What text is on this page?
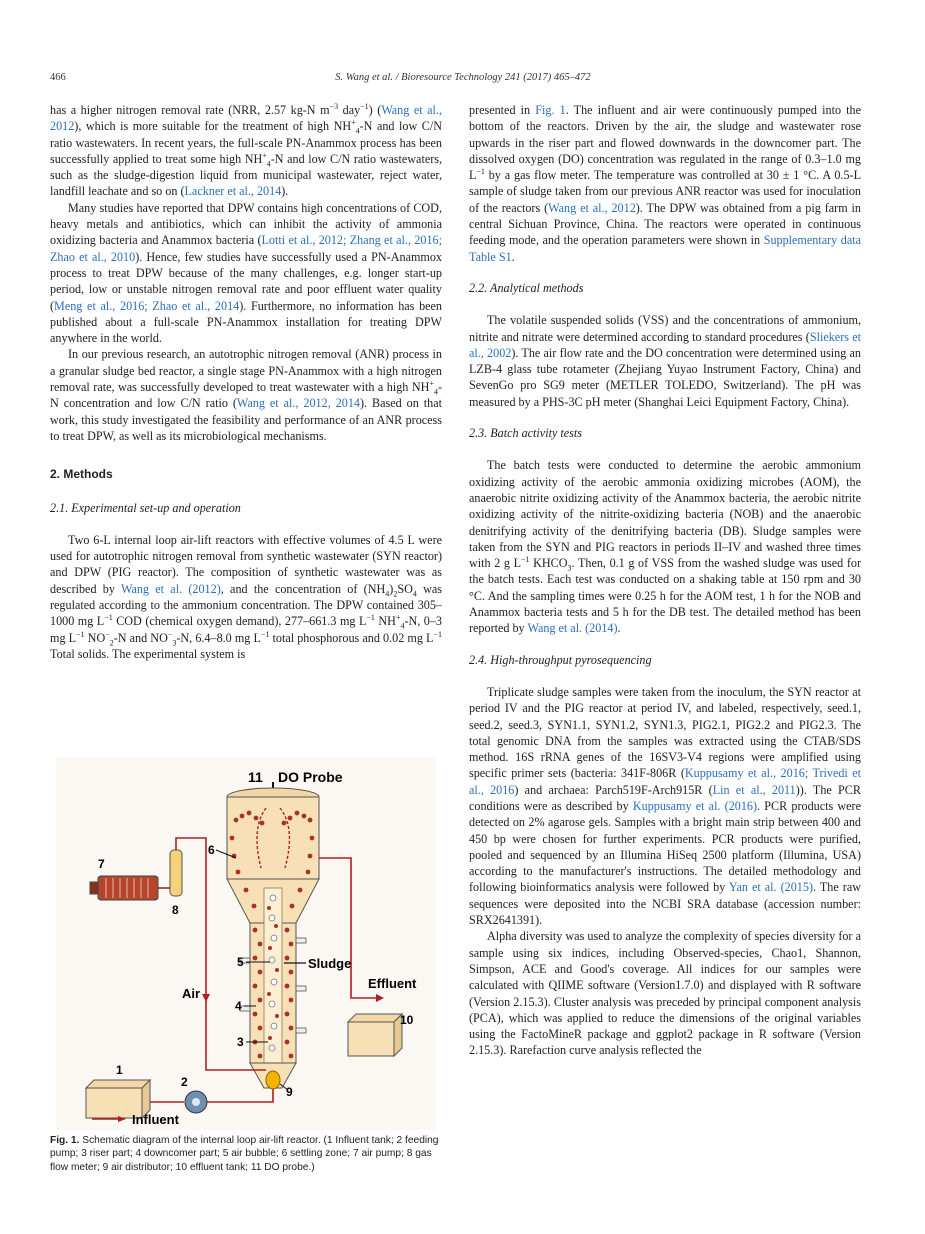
466	S. Wang et al. / Bioresource Technology 241 (2017) 465–472

has a higher nitrogen removal rate (NRR, 2.57 kg-N $m^{-3}$ day$^{-1}$) (Wang et al., 2012), which is more suitable for the treatment of high $NH^+_4-N$ and low C/N ratio wastewaters. In recent years, the full-scale PN-Anammox process has been successfully applied to treat some high $NH^+_4-N$ and low C/N ratio wastewaters, such as the sludge-digestion liquid from municipal wastewater, reject water, landfill leachate and so on (Lackner et al., 2014).

Many studies have reported that DPW contains high concentrations of COD, heavy metals and antibiotics, which can inhibit the activity of ammonia oxidizing bacteria and Anammox bacteria (Lotti et al., 2012; Zhang et al., 2016; Zhao et al., 2010). Hence, few studies have successfully used a PN-Anammox process to treat DPW because of the many challenges, e.g. longer start-up period, low or unstable nitrogen removal rate and poor effluent water quality (Meng et al., 2016; Zhao et al., 2014). Furthermore, no information has been published about a full-scale PN-Anammox installation for treating DPW anywhere in the world.

In our previous research, an autotrophic nitrogen removal (ANR) process in a granular sludge bed reactor, a single stage PN-Anammox with a high nitrogen removal rate, was successfully developed to treat wastewater with a high $NH^+_4-N$ concentration and low C/N ratio (Wang et al., 2012, 2014). Based on that work, this study investigated the feasibility and performance of an ANR process to treat DPW, as well as its microbiological mechanisms.

2. Methods
2.1. Experimental set-up and operation

Two 6-L internal loop air-lift reactors with effective volumes of 4.5 L were used for autotrophic nitrogen removal from synthetic wastewater (SYN reactor) and DPW (PIG reactor). The composition of synthetic wastewater was as described by Wang et al. (2012), and the concentration of $(NH_4)_2SO_4$ was regulated according to the ammonium concentration. The DPW contained 305–1000 mg $L^{-1}$ COD (chemical oxygen demand), 277–661.3 mg $L^{-1}$ $NH^+_4-N$, 0–3 mg $L^{-1}$ $NO^-_2-N$ and $NO^-_3-N$, 6.4–8.0 mg $L^{-1}$ total phosphorous and 0.02 mg $L^{-1}$ Total solids. The experimental system is

11 DO Probe
Effluent
10
Sludge
6
5
4
3
9
7
8
Air
1
2
Influent
Fig. 1. Schematic diagram of the internal loop air-lift reactor. (1 Influent tank; 2 feeding pump; 3 riser part; 4 downcomer part; 5 air bubble; 6 settling zone; 7 air pump; 8 gas flow meter; 9 air distributor; 10 effluent tank; 11 DO probe.)

presented in Fig. 1. The influent and air were continuously pumped into the bottom of the reactors. Driven by the air, the sludge and wastewater rose upwards in the riser part and flowed downwards in the downcomer part. The dissolved oxygen (DO) concentration was regulated in the range of 0.3–1.0 mg $L^{-1}$ by a gas flow meter. The temperature was controlled at 30 ± 1 °C. A 0.5-L sample of sludge taken from our previous ANR reactor was used for inoculation of the reactors (Wang et al., 2012). The DPW was obtained from a pig farm in central Sichuan Province, China. The reactors were operated in continuous feeding mode, and the operation parameters were shown in Supplementary data Table S1.

2.2. Analytical methods

The volatile suspended solids (VSS) and the concentrations of ammonium, nitrite and nitrate were determined according to standard procedures (Sliekers et al., 2002). The air flow rate and the DO concentration were determined using an LZB-4 glass tube rotameter (Zhejiang Yuyao Instrument Factory, China) and SevenGo pro SG9 meter (METLER TOLEDO, Switzerland). The pH was measured by a PHS-3C pH meter (Shanghai Leici Equipment Factory, China).

2.3. Batch activity tests

The batch tests were conducted to determine the aerobic ammonium oxidizing activity of the aerobic ammonia oxidizing microbes (AOM), the anaerobic nitrite oxidizing activity of the Anammox bacteria, the aerobic nitrite oxidizing activity of the nitrite-oxidizing bacteria (NOB) and the anaerobic denitrifying activity of the denitrifying bacteria (DB). Sludge samples were taken from the SYN and PIG reactors in periods II–IV and washed three times with 2 g $L^{-1}$ $KHCO_3$. Then, 0.1 g of VSS from the washed sludge was used for the batch tests. Each test was conducted on a shaking table at 150 rpm and 30 °C. And the sampling times were 0.25 h for the AOM test, 1 h for the NOB and Anammox bacteria tests and 5 h for the DB test. The detailed method has been reported by Wang et al. (2014).

2.4. High-throughput pyrosequencing

Triplicate sludge samples were taken from the inoculum, the SYN reactor at period IV and the PIG reactor at period IV, and labeled, respectively, seed.1, seed.2, seed.3, SYN1.1, SYN1.2, SYN1.3, PIG2.1, PIG2.2 and PIG2.3. The total genomic DNA from the samples was extracted using the CTAB/SDS method. 16S rRNA genes of the 16SV3-V4 regions were amplified using specific primer sets (bacteria: 341F-806R (Kuppusamy et al., 2016; Trivedi et al., 2016) and archaea: Parch519F-Arch915R (Lin et al., 2011)). The PCR conditions were as described by Kuppusamy et al. (2016). PCR products were detected on 2% agarose gels. Samples with a bright main strip between 400 and 450 bp were chosen for further experiments. PCR products were purified, pooled and sequenced by an Illumina HiSeq 2500 platform (Illumina, USA) according to the manufacturer's instructions. The detailed methodology and following bioinformatics analysis were followed by Yan et al. (2015). The raw sequences were deposited into the NCBI SRA database (accession number: SRX2641391).

Alpha diversity was used to analyze the complexity of species diversity for a sample using six indices, including Observed-species, Chao1, Shannon, Simpson, ACE and Good's coverage. All indices for our samples were calculated with QIIME software (Version1.7.0) and displayed with R software (Version 2.15.3). Cluster analysis was preceded by principal component analysis (PCA), which was applied to reduce the dimensions of the original variables using the FactoMineR package and ggplot2 package in R software (Version 2.15.3). Rarefaction curve analysis reflected the
